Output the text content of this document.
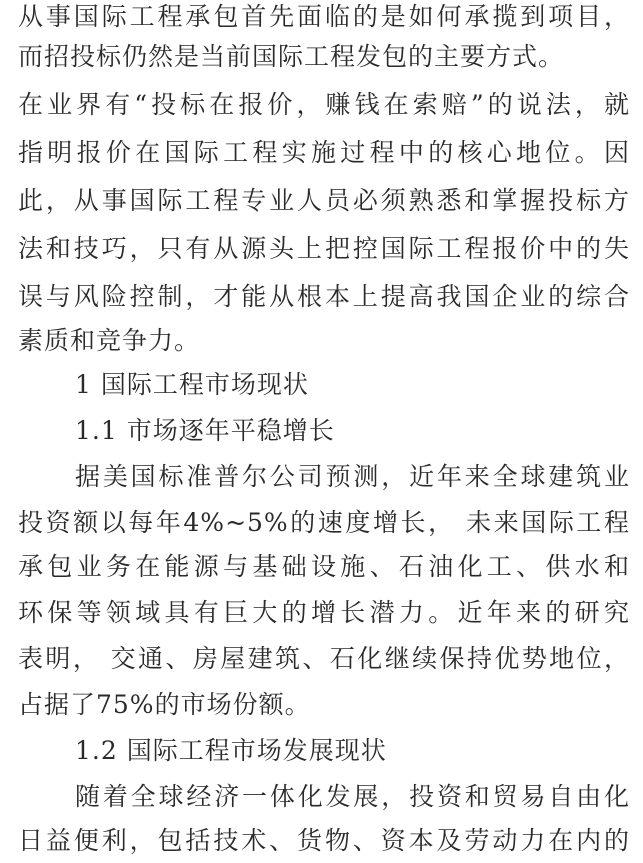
从事国际工程承包首先面临的是如何承揽到项目，
而招投标仍然是当前国际工程发包的主要方式。
在业界有“投标在报价，赚钱在索赔”的说法，就
指明报价在国际工程实施过程中的核心地位。因
此，从事国际工程专业人员必须熟悉和掌握投标方
法和技巧，只有从源头上把控国际工程报价中的失
误与风险控制，才能从根本上提高我国企业的综合
素质和竞争力。
1 国际工程市场现状
1.1 市场逐年平稳增长
据美国标准普尔公司预测，近年来全球建筑业
投资额以每年4%~5%的速度增长， 未来国际工程
承包业务在能源与基础设施、石油化工、供水和
环保等领域具有巨大的增长潜力。近年来的研究
表明， 交通、房屋建筑、石化继续保持优势地位，
占据了75%的市场份额。
1.2 国际工程市场发展现状
随着全球经济一体化发展，投资和贸易自由化
日益便利，包括技术、货物、资本及劳动力在内的
